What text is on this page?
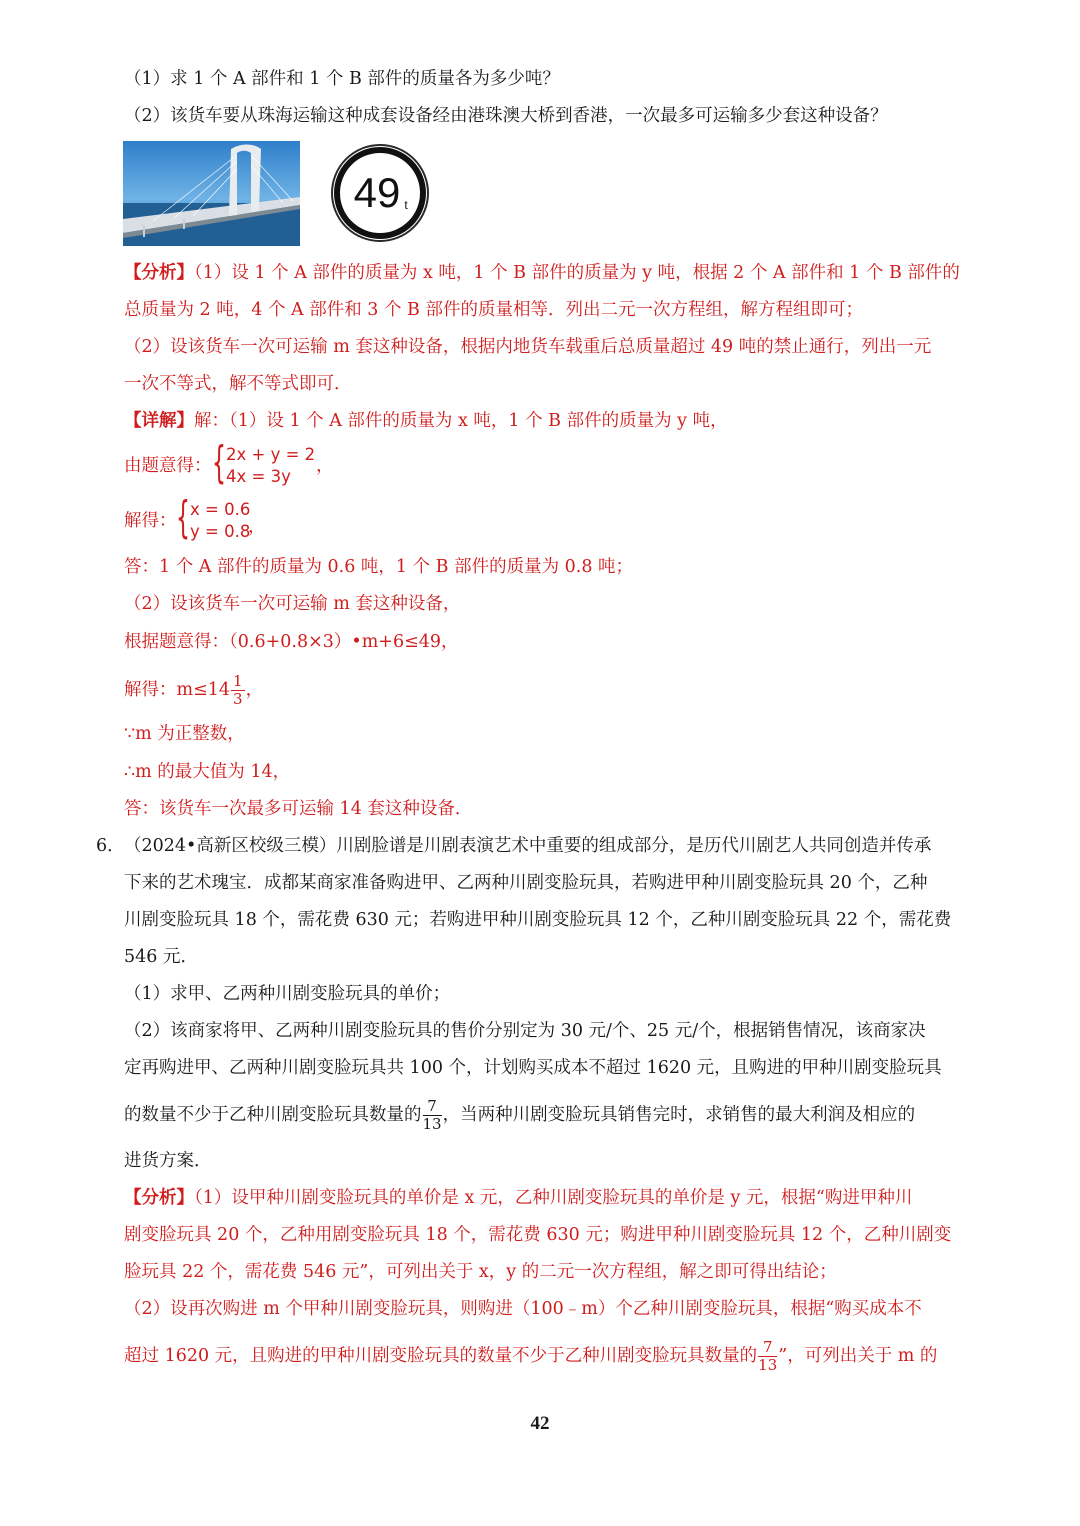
（1）求 1 个 A 部件和 1 个 B 部件的质量各为多少吨？
（2）该货车要从珠海运输这种成套设备经由港珠澳大桥到香港，一次最多可运输多少套这种设备？
49 t
【分析】（1）设 1 个 A 部件的质量为 x 吨，1 个 B 部件的质量为 y 吨，根据 2 个 A 部件和 1 个 B 部件的
总质量为 2 吨，4 个 A 部件和 3 个 B 部件的质量相等．列出二元一次方程组，解方程组即可；
（2）设该货车一次可运输 m 套这种设备，根据内地货车载重后总质量超过 49 吨的禁止通行，列出一元
一次不等式，解不等式即可．
【详解】解：（1）设 1 个 A 部件的质量为 x 吨，1 个 B 部件的质量为 y 吨，
由题意得： { 2x + y = 2
4x = 3y
，
解得： { x = 0.6
y = 0.8
，
答：1 个 A 部件的质量为 0.6 吨，1 个 B 部件的质量为 0.8 吨；
（2）设该货车一次可运输 m 套这种设备，
根据题意得：（0.6+0.8×3）•m+6≤49，
解得：$m\le 14 \frac{1}{3}$ ，
∵m 为正整数，
∴m 的最大值为 14，
答：该货车一次最多可运输 14 套这种设备．
6． （2024•高新区校级三模）川剧脸谱是川剧表演艺术中重要的组成部分，是历代川剧艺人共同创造并传承
下来的艺术瑰宝．成都某商家准备购进甲、乙两种川剧变脸玩具，若购进甲种川剧变脸玩具 20 个，乙种
川剧变脸玩具 18 个，需花费 630 元；若购进甲种川剧变脸玩具 12 个，乙种川剧变脸玩具 22 个，需花费
546 元．
（1）求甲、乙两种川剧变脸玩具的单价；
（2）该商家将甲、乙两种川剧变脸玩具的售价分别定为 30 元/个、25 元/个，根据销售情况，该商家决
定再购进甲、乙两种川剧变脸玩具共 100 个，计划购买成本不超过 1620 元，且购进的甲种川剧变脸玩具
的数量不少于乙种川剧变脸玩具数量的 $\frac{7}{13}$ ，当两种川剧变脸玩具销售完时，求销售的最大利润及相应的
进货方案．
【分析】（1）设甲种川剧变脸玩具的单价是 x 元，乙种川剧变脸玩具的单价是 y 元，根据“购进甲种川
剧变脸玩具 20 个，乙种用剧变脸玩具 18 个，需花费 630 元；购进甲种川剧变脸玩具 12 个，乙种川剧变
脸玩具 22 个，需花费 546 元”，可列出关于 x，y 的二元一次方程组，解之即可得出结论；
（2）设再次购进 m 个甲种川剧变脸玩具，则购进（100﹣m）个乙种川剧变脸玩具，根据“购买成本不
超过 1620 元，且购进的甲种川剧变脸玩具的数量不少于乙种川剧变脸玩具数量的 $\frac{7}{13}$ ”，可列出关于 m 的
42
